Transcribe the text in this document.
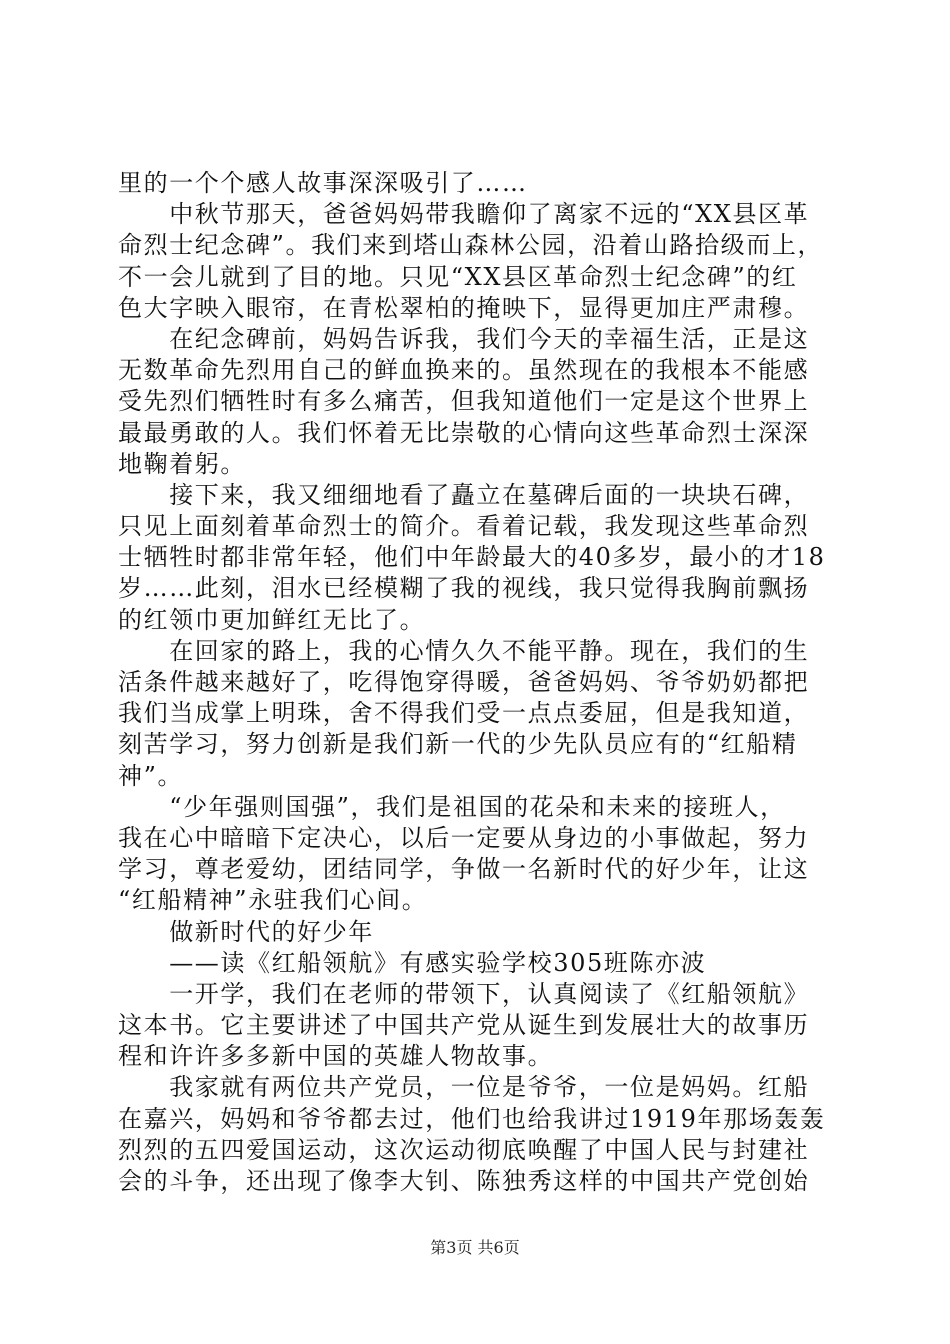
里的一个个感人故事深深吸引了……
　　中秋节那天，爸爸妈妈带我瞻仰了离家不远的“XX县区革
命烈士纪念碑”。我们来到塔山森林公园，沿着山路拾级而上，
不一会儿就到了目的地。只见“XX县区革命烈士纪念碑”的红
色大字映入眼帘，在青松翠柏的掩映下，显得更加庄严肃穆。
　　在纪念碑前，妈妈告诉我，我们今天的幸福生活，正是这
无数革命先烈用自己的鲜血换来的。虽然现在的我根本不能感
受先烈们牺牲时有多么痛苦，但我知道他们一定是这个世界上
最最勇敢的人。我们怀着无比崇敬的心情向这些革命烈士深深
地鞠着躬。
　　接下来，我又细细地看了矗立在墓碑后面的一块块石碑，
只见上面刻着革命烈士的简介。看着记载，我发现这些革命烈
士牺牲时都非常年轻，他们中年龄最大的40多岁，最小的才18
岁……此刻，泪水已经模糊了我的视线，我只觉得我胸前飘扬
的红领巾更加鲜红无比了。
　　在回家的路上，我的心情久久不能平静。现在，我们的生
活条件越来越好了，吃得饱穿得暖，爸爸妈妈、爷爷奶奶都把
我们当成掌上明珠，舍不得我们受一点点委屈，但是我知道，
刻苦学习，努力创新是我们新一代的少先队员应有的“红船精
神”。
　　“少年强则国强”，我们是祖国的花朵和未来的接班人，
我在心中暗暗下定决心，以后一定要从身边的小事做起，努力
学习，尊老爱幼，团结同学，争做一名新时代的好少年，让这
“红船精神”永驻我们心间。
　　做新时代的好少年
　　——读《红船领航》有感实验学校305班陈亦波
　　一开学，我们在老师的带领下，认真阅读了《红船领航》
这本书。它主要讲述了中国共产党从诞生到发展壮大的故事历
程和许许多多新中国的英雄人物故事。
　　我家就有两位共产党员，一位是爷爷，一位是妈妈。红船
在嘉兴，妈妈和爷爷都去过，他们也给我讲过1919年那场轰轰
烈烈的五四爱国运动，这次运动彻底唤醒了中国人民与封建社
会的斗争，还出现了像李大钊、陈独秀这样的中国共产党创始
第3页 共6页
